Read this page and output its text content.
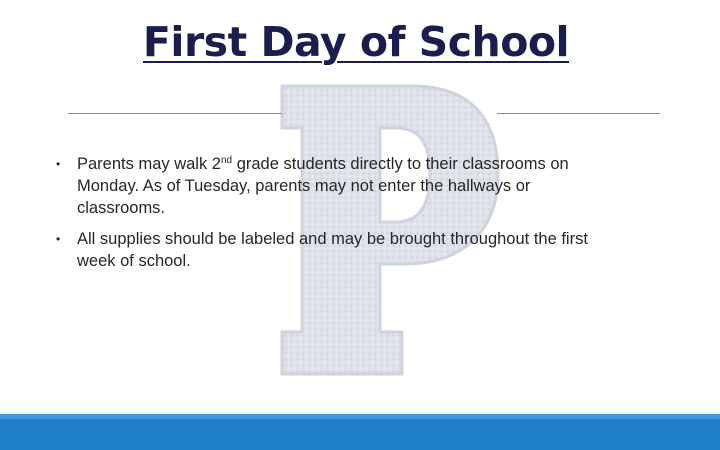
First Day of School
• Parents may walk 2nd grade students directly to their classrooms on Monday. As of Tuesday, parents may not enter the hallways or classrooms.
• All supplies should be labeled and may be brought throughout the first week of school.
